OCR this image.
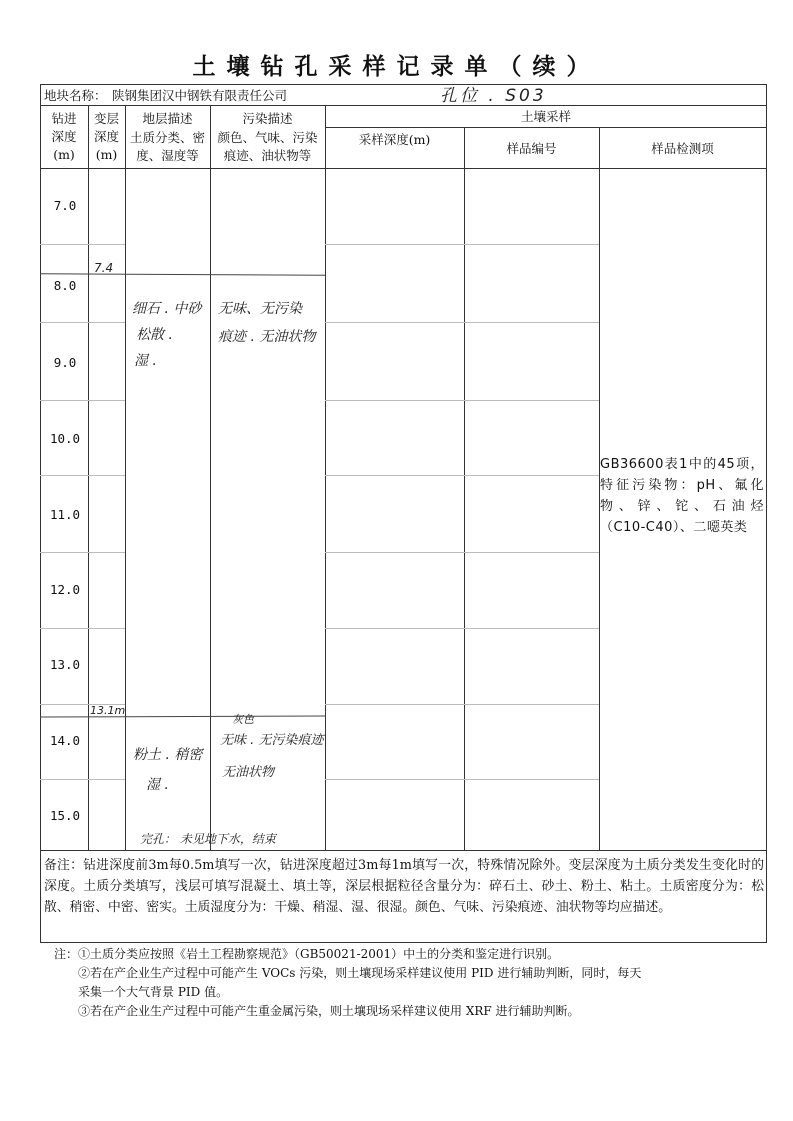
土壤钻孔采样记录单（续）
地块名称： 陕钢集团汉中钢铁有限责任公司	孔位 . S03
钻进
深度
(m)
变层
深度
(m)
地层描述
土质分类、密
度、湿度等
污染描述
颜色、气味、污染
痕迹、油状物等
土壤采样
采样深度(m)
样品编号	样品检测项
7.0
8.0
9.0
10.0
11.0
12.0
13.0
14.0
15.0
7.4
13.1m
细石 . 中砂
松散 .
湿 .
无味、无污染
痕迹 . 无油状物
粉土 . 稍密
湿 .
灰色
无味 . 无污染痕迹
无油状物
完孔： 未见地下水，结束
GB36600表1中的45项，特征污染物：pH、氟化物、锌、铊、石油烃（C10-C40）、二噁英类
备注：钻进深度前3m每0.5m填写一次，钻进深度超过3m每1m填写一次，特殊情况除外。变层深度为土质分类发生变化时的深度。土质分类填写，浅层可填写混凝土、填土等，深层根据粒径含量分为：碎石土、砂土、粉土、粘土。土质密度分为：松散、稍密、中密、密实。土质湿度分为：干燥、稍湿、湿、很湿。颜色、气味、污染痕迹、油状物等均应描述。
注：①土质分类应按照《岩土工程勘察规范》（GB50021-2001）中土的分类和鉴定进行识别。
②若在产企业生产过程中可能产生 VOCs 污染，则土壤现场采样建议使用 PID 进行辅助判断，同时，每天
采集一个大气背景 PID 值。
③若在产企业生产过程中可能产生重金属污染，则土壤现场采样建议使用 XRF 进行辅助判断。
